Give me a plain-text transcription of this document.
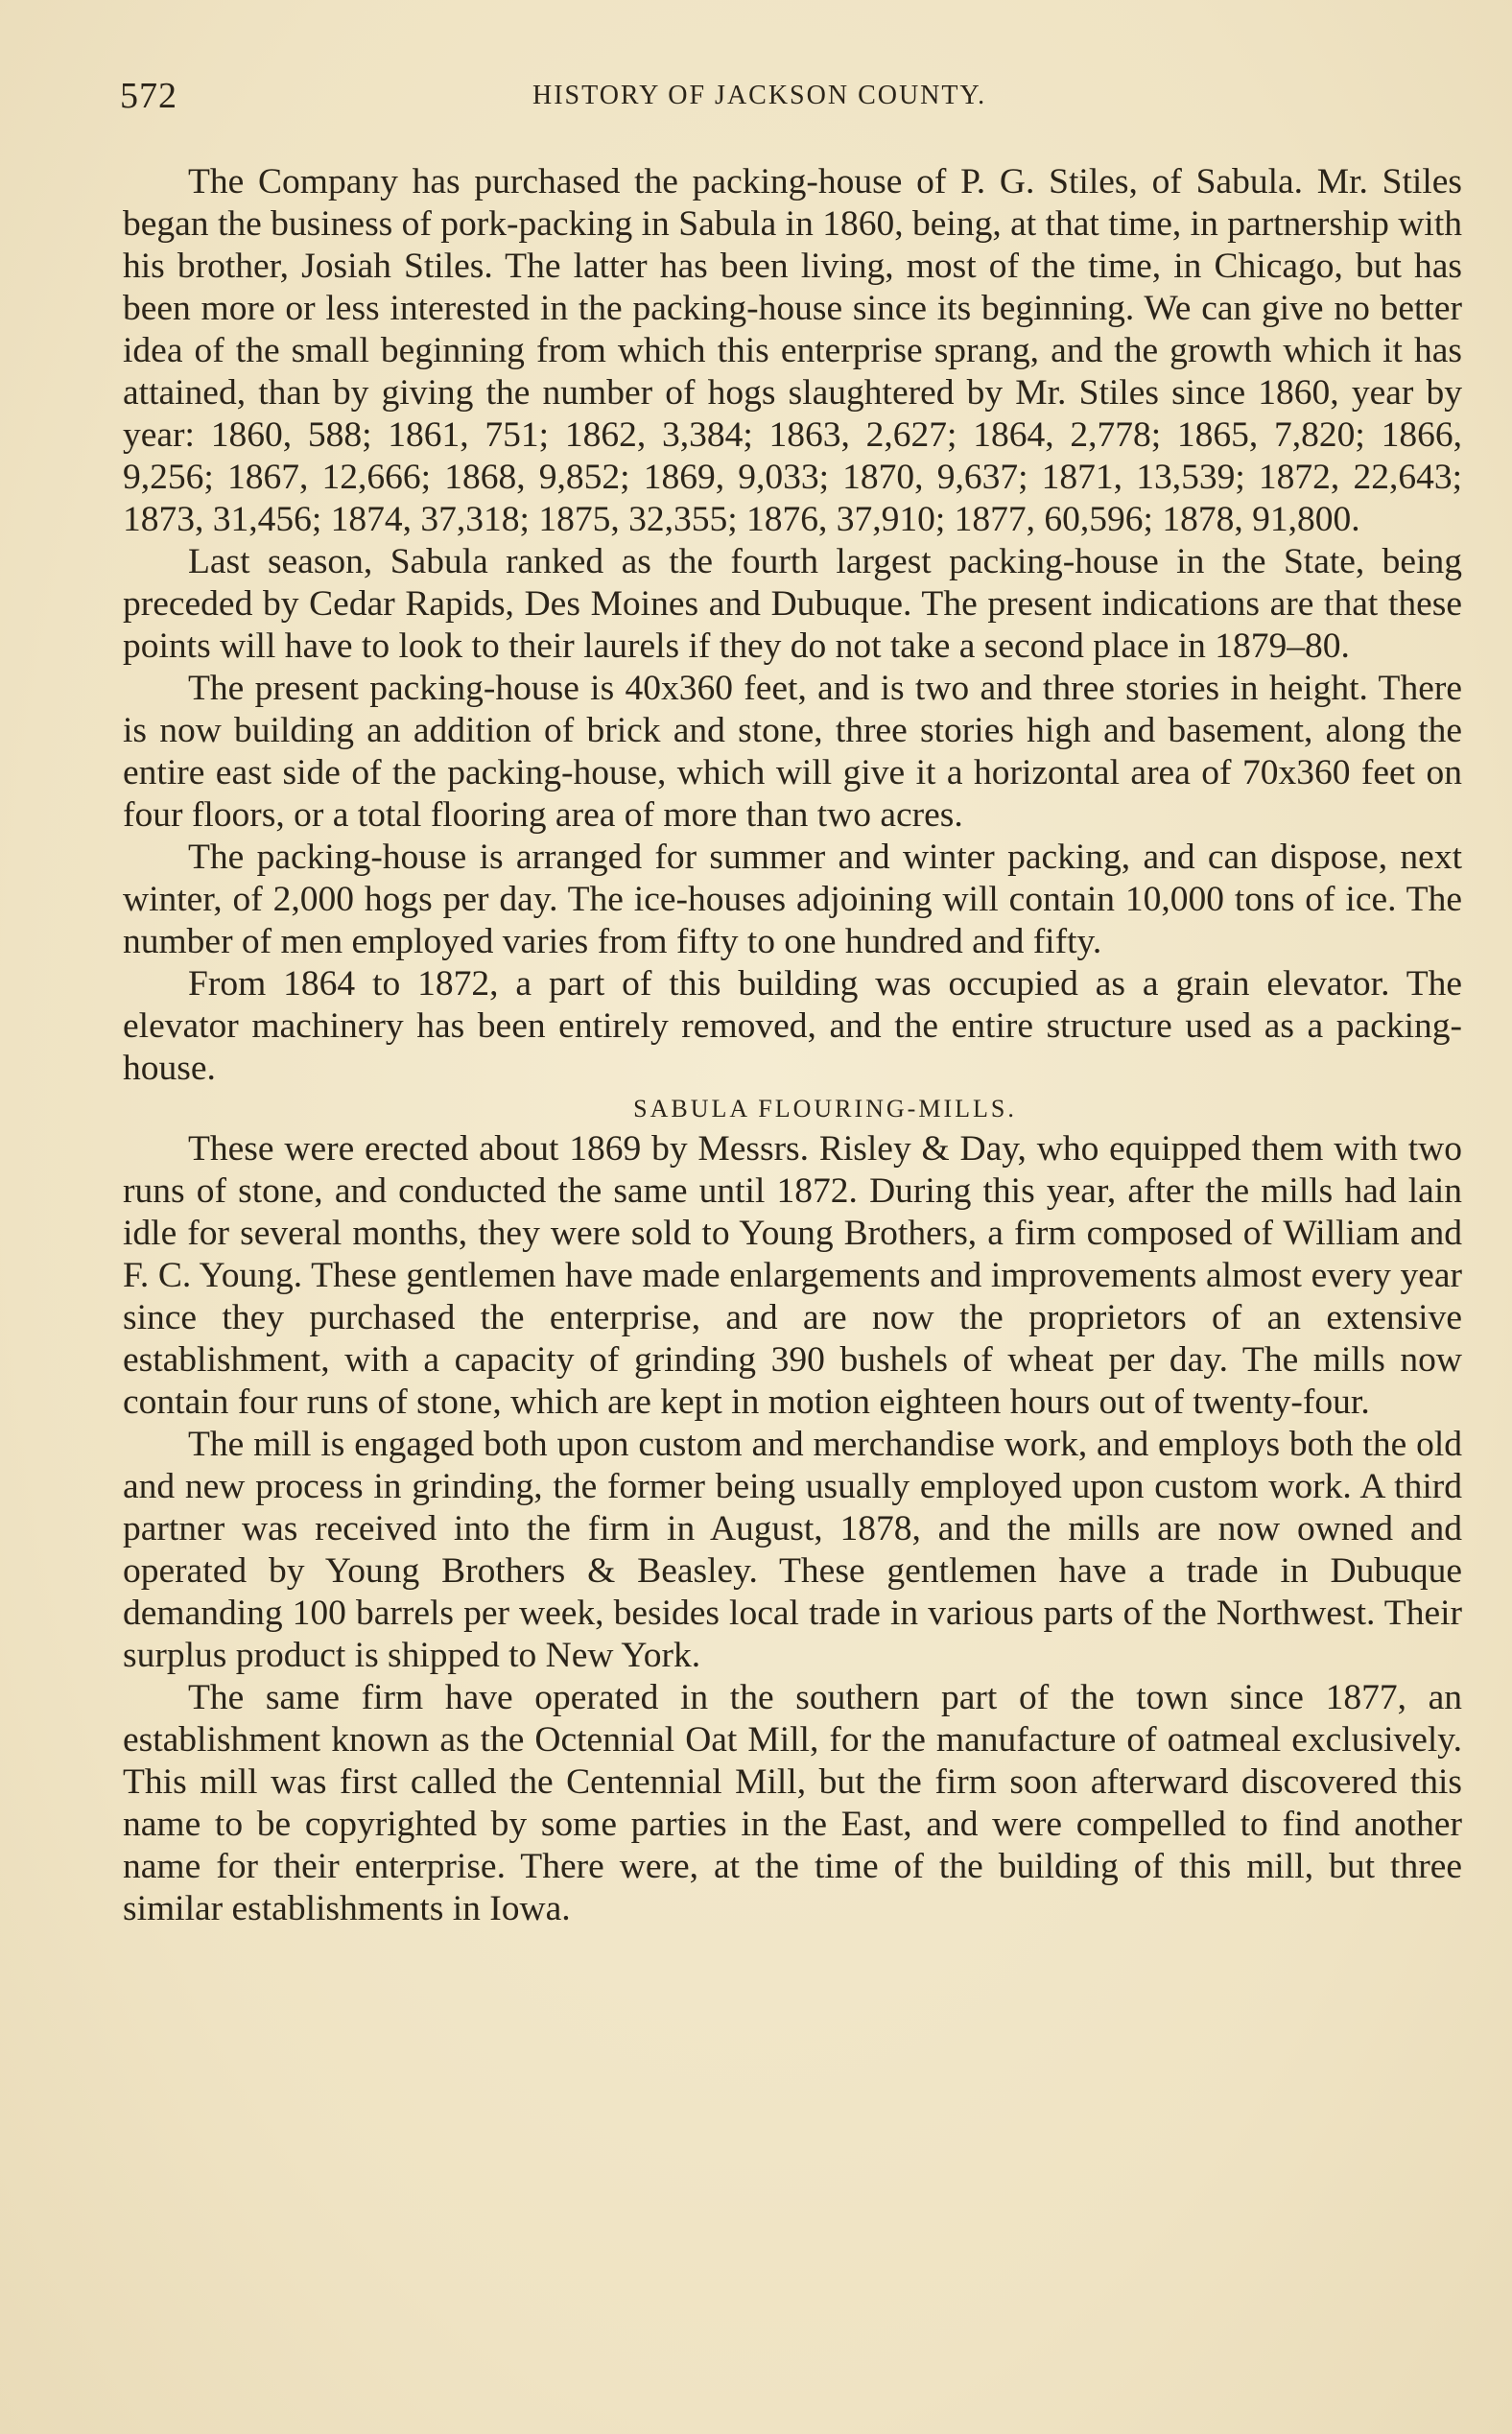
572	HISTORY OF JACKSON COUNTY.

The Company has purchased the packing-house of P. G. Stiles, of Sabula. Mr. Stiles began the business of pork-packing in Sabula in 1860, being, at that time, in partnership with his brother, Josiah Stiles. The latter has been living, most of the time, in Chicago, but has been more or less interested in the packing-house since its beginning. We can give no better idea of the small beginning from which this enterprise sprang, and the growth which it has attained, than by giving the number of hogs slaughtered by Mr. Stiles since 1860, year by year: 1860, 588; 1861, 751; 1862, 3,384; 1863, 2,627; 1864, 2,778; 1865, 7,820; 1866, 9,256; 1867, 12,666; 1868, 9,852; 1869, 9,033; 1870, 9,637; 1871, 13,539; 1872, 22,643; 1873, 31,456; 1874, 37,318; 1875, 32,355; 1876, 37,910; 1877, 60,596; 1878, 91,800.

Last season, Sabula ranked as the fourth largest packing-house in the State, being preceded by Cedar Rapids, Des Moines and Dubuque. The present indications are that these points will have to look to their laurels if they do not take a second place in 1879–80.

The present packing-house is 40x360 feet, and is two and three stories in height. There is now building an addition of brick and stone, three stories high and basement, along the entire east side of the packing-house, which will give it a horizontal area of 70x360 feet on four floors, or a total flooring area of more than two acres.

The packing-house is arranged for summer and winter packing, and can dispose, next winter, of 2,000 hogs per day. The ice-houses adjoining will contain 10,000 tons of ice. The number of men employed varies from fifty to one hundred and fifty.

From 1864 to 1872, a part of this building was occupied as a grain elevator. The elevator machinery has been entirely removed, and the entire structure used as a packing-house.

SABULA FLOURING-MILLS.

These were erected about 1869 by Messrs. Risley & Day, who equipped them with two runs of stone, and conducted the same until 1872. During this year, after the mills had lain idle for several months, they were sold to Young Brothers, a firm composed of William and F. C. Young. These gentlemen have made enlargements and improvements almost every year since they purchased the enterprise, and are now the proprietors of an extensive establishment, with a capacity of grinding 390 bushels of wheat per day. The mills now contain four runs of stone, which are kept in motion eighteen hours out of twenty-four.

The mill is engaged both upon custom and merchandise work, and employs both the old and new process in grinding, the former being usually employed upon custom work. A third partner was received into the firm in August, 1878, and the mills are now owned and operated by Young Brothers & Beasley. These gentlemen have a trade in Dubuque demanding 100 barrels per week, besides local trade in various parts of the Northwest. Their surplus product is shipped to New York.

The same firm have operated in the southern part of the town since 1877, an establishment known as the Octennial Oat Mill, for the manufacture of oatmeal exclusively. This mill was first called the Centennial Mill, but the firm soon afterward discovered this name to be copyrighted by some parties in the East, and were compelled to find another name for their enterprise. There were, at the time of the building of this mill, but three similar establishments in Iowa.
